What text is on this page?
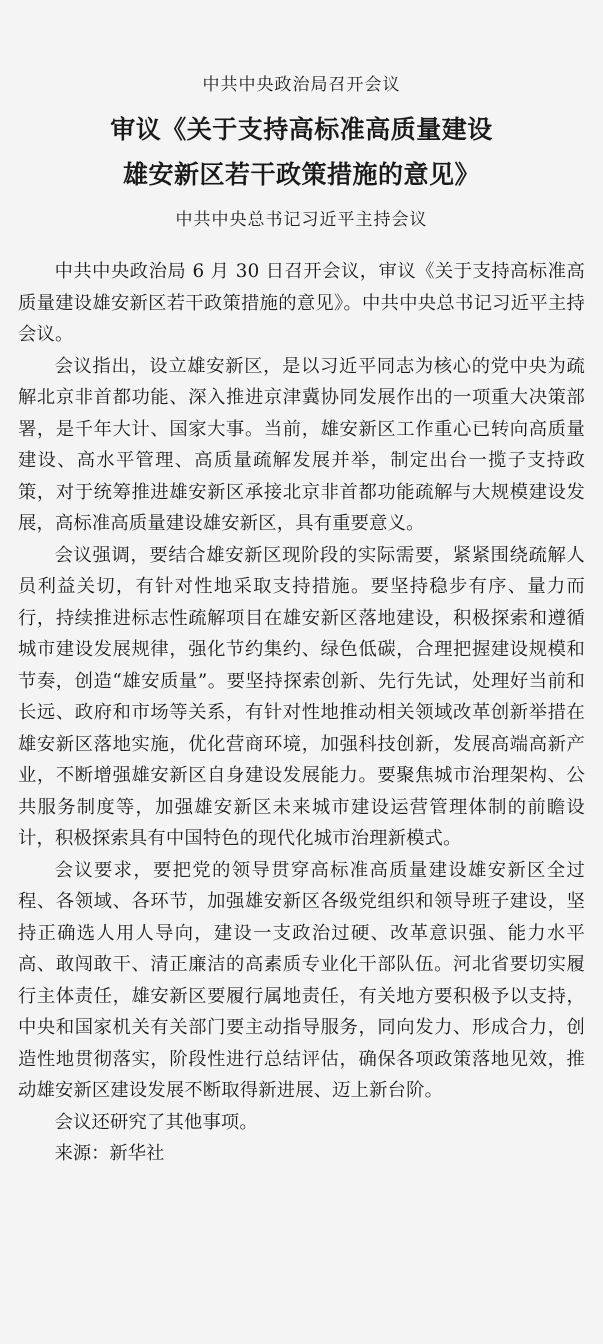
中共中央政治局召开会议
审议《关于支持高标准高质量建设
雄安新区若干政策措施的意见》
中共中央总书记习近平主持会议

中共中央政治局 6 月 30 日召开会议，审议《关于支持高标准高质量建设雄安新区若干政策措施的意见》。中共中央总书记习近平主持会议。

会议指出，设立雄安新区，是以习近平同志为核心的党中央为疏解北京非首都功能、深入推进京津冀协同发展作出的一项重大决策部署，是千年大计、国家大事。当前，雄安新区工作重心已转向高质量建设、高水平管理、高质量疏解发展并举，制定出台一揽子支持政策，对于统筹推进雄安新区承接北京非首都功能疏解与大规模建设发展，高标准高质量建设雄安新区，具有重要意义。

会议强调，要结合雄安新区现阶段的实际需要，紧紧围绕疏解人员利益关切，有针对性地采取支持措施。要坚持稳步有序、量力而行，持续推进标志性疏解项目在雄安新区落地建设，积极探索和遵循城市建设发展规律，强化节约集约、绿色低碳，合理把握建设规模和节奏，创造“雄安质量”。要坚持探索创新、先行先试，处理好当前和长远、政府和市场等关系，有针对性地推动相关领域改革创新举措在雄安新区落地实施，优化营商环境，加强科技创新，发展高端高新产业，不断增强雄安新区自身建设发展能力。要聚焦城市治理架构、公共服务制度等，加强雄安新区未来城市建设运营管理体制的前瞻设计，积极探索具有中国特色的现代化城市治理新模式。

会议要求，要把党的领导贯穿高标准高质量建设雄安新区全过程、各领域、各环节，加强雄安新区各级党组织和领导班子建设，坚持正确选人用人导向，建设一支政治过硬、改革意识强、能力水平高、敢闯敢干、清正廉洁的高素质专业化干部队伍。河北省要切实履行主体责任，雄安新区要履行属地责任，有关地方要积极予以支持，中央和国家机关有关部门要主动指导服务，同向发力、形成合力，创造性地贯彻落实，阶段性进行总结评估，确保各项政策落地见效，推动雄安新区建设发展不断取得新进展、迈上新台阶。

会议还研究了其他事项。

来源：新华社
